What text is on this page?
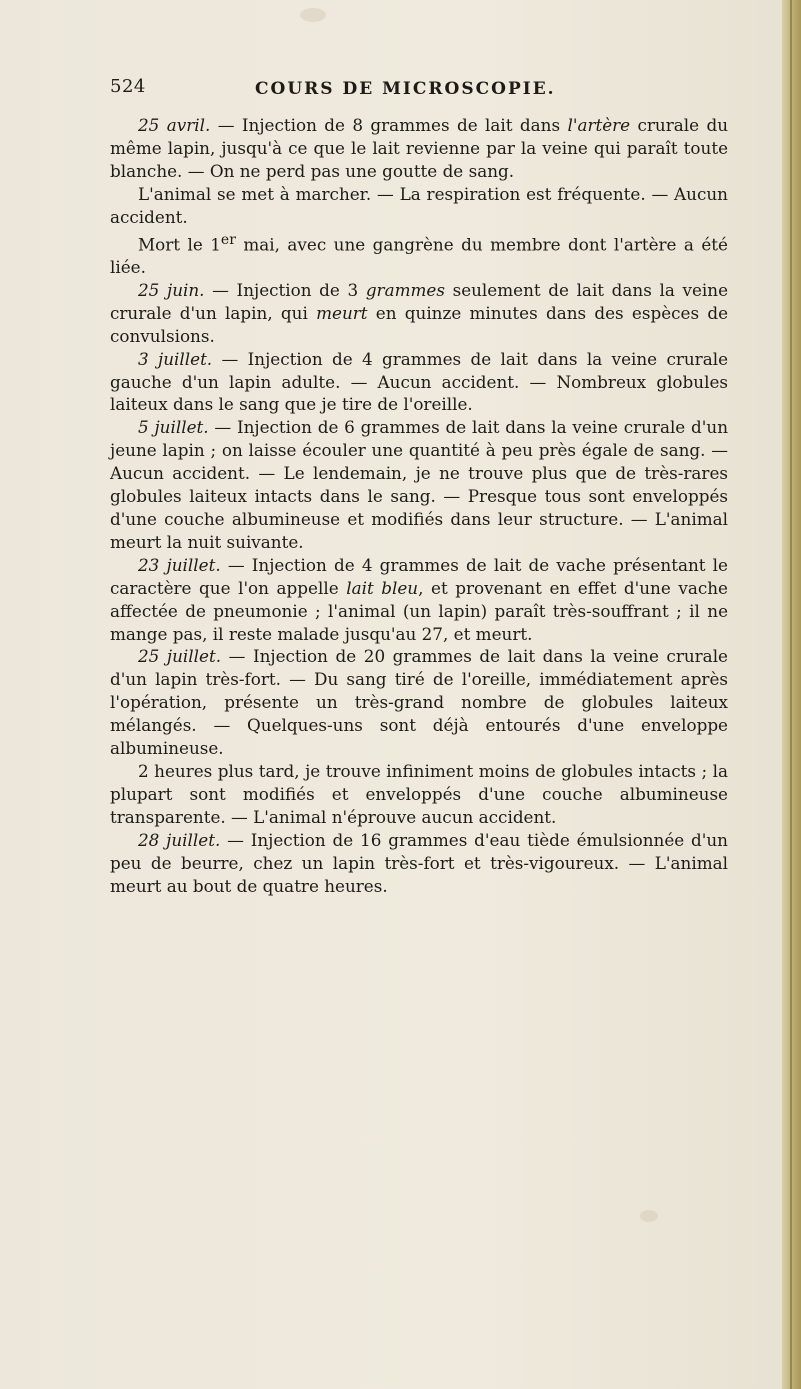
524	COURS DE MICROSCOPIE.

25 avril. — Injection de 8 grammes de lait dans l'artère crurale du même lapin, jusqu'à ce que le lait revienne par la veine qui paraît toute blanche. — On ne perd pas une goutte de sang.

L'animal se met à marcher. — La respiration est fréquente. — Aucun accident.

Mort le 1er mai, avec une gangrène du membre dont l'artère a été liée.

25 juin. — Injection de 3 grammes seulement de lait dans la veine crurale d'un lapin, qui meurt en quinze minutes dans des espèces de convulsions.

3 juillet. — Injection de 4 grammes de lait dans la veine crurale gauche d'un lapin adulte. — Aucun accident. — Nombreux globules laiteux dans le sang que je tire de l'oreille.

5 juillet. — Injection de 6 grammes de lait dans la veine crurale d'un jeune lapin ; on laisse écouler une quantité à peu près égale de sang. — Aucun accident. — Le lendemain, je ne trouve plus que de très-rares globules laiteux intacts dans le sang. — Presque tous sont enveloppés d'une couche albumineuse et modifiés dans leur structure. — L'animal meurt la nuit suivante.

23 juillet. — Injection de 4 grammes de lait de vache présentant le caractère que l'on appelle lait bleu, et provenant en effet d'une vache affectée de pneumonie ; l'animal (un lapin) paraît très-souffrant ; il ne mange pas, il reste malade jusqu'au 27, et meurt.

25 juillet. — Injection de 20 grammes de lait dans la veine crurale d'un lapin très-fort. — Du sang tiré de l'oreille, immédiatement après l'opération, présente un très-grand nombre de globules laiteux mélangés. — Quelques-uns sont déjà entourés d'une enveloppe albumineuse.

2 heures plus tard, je trouve infiniment moins de globules intacts ; la plupart sont modifiés et enveloppés d'une couche albumineuse transparente. — L'animal n'éprouve aucun accident.

28 juillet. — Injection de 16 grammes d'eau tiède émulsionnée d'un peu de beurre, chez un lapin très-fort et très-vigoureux. — L'animal meurt au bout de quatre heures.
